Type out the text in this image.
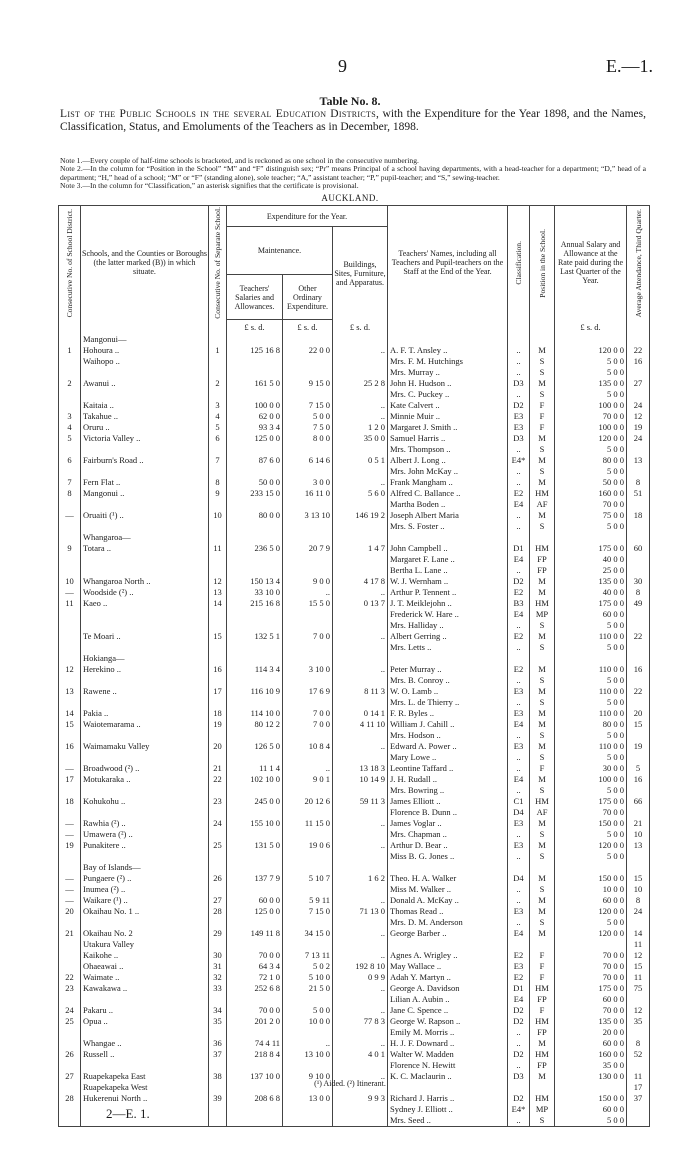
9	E.—1.
Table No. 8.
List of the Public Schools in the several Education Districts, with the Expenditure for the Year 1898, and the Names, Classification, Status, and Emoluments of the Teachers as in December, 1898.

Note 1.—Every couple of half-time schools is bracketed, and is reckoned as one school in the consecutive numbering.

Note 2.—In the column for “Position in the School” “M” and “F” distinguish sex; “Pr” means Principal of a school having departments, with a head-teacher for a department; “D,” head of a department; “H,” head of a school; “M” or “F” (standing alone), sole teacher; “A,” assistant teacher; “P,” pupil-teacher; and “S,” sewing-teacher.

Note 3.—In the column for “Classification,” an asterisk signifies that the certificate is provisional.

AUCKLAND.
Consecutive No. of School District.	Schools, and the Counties or Boroughs (the latter marked (B)) in which situate.	Consecutive No. of Separate School.	Expenditure for the Year.			Teachers' Names, including all Teachers and Pupil-teachers on the Staff at the End of the Year.	Classification.	Position in the School.	Annual Salary and Allowance at the Rate paid during the Last Quarter of the Year.	Average Attendance, Third Quarter.

			Maintenance.		Buildings, Sites, Furniture, and Apparatus.					
			Teachers' Salaries and Allowances.	Other Ordinary Expenditure.						
			£ s. d.	£ s. d.	£ s. d.				£ s. d.	
	Mangonui—									
1	Hohoura ..	1	125 16 8	22 0 0	..	A. F. T. Ansley ..	..	M	120 0 0	22
	Waihopo ..					Mrs. F. M. Hutchings	..	S	5 0 0	16
						Mrs. Murray ..	..	S	5 0 0	
2	Awanui ..	2	161 5 0	9 15 0	25 2 8	John H. Hudson ..	D3	M	135 0 0	27
						Mrs. C. Puckey ..	..	S	5 0 0	
	Kaitaia ..	3	100 0 0	7 15 0	..	Kate Calvert ..	D2	F	100 0 0	24
3	Takahue ..	4	62 0 0	5 0 0	..	Minnie Muir ..	E3	F	70 0 0	12
4	Oruru ..	5	93 3 4	7 5 0	1 2 0	Margaret J. Smith ..	E3	F	100 0 0	19
5	Victoria Valley ..	6	125 0 0	8 0 0	35 0 0	Samuel Harris ..	D3	M	120 0 0	24
						Mrs. Thompson ..	..	S	5 0 0	
6	Fairburn's Road ..	7	87 6 0	6 14 6	0 5 1	Albert J. Long ..	E4*	M	80 0 0	13
						Mrs. John McKay ..	..	S	5 0 0	
7	Fern Flat ..	8	50 0 0	3 0 0	..	Frank Mangham ..	..	M	50 0 0	8
8	Mangonui ..	9	233 15 0	16 11 0	5 6 0	Alfred C. Ballance ..	E2	HM	160 0 0	51
						Martha Boden ..	E4	AF	70 0 0	
—	Oruaiti (¹) ..	10	80 0 0	3 13 10	146 19 2	Joseph Albert Maria	..	M	75 0 0	18
						Mrs. S. Foster ..	..	S	5 0 0	
	Whangaroa—									
9	Totara ..	11	236 5 0	20 7 9	1 4 7	John Campbell ..	D1	HM	175 0 0	60
						Margaret F. Lane ..	E4	FP	40 0 0	
						Bertha L. Lane ..	..	FP	25 0 0	
10	Whangaroa North ..	12	150 13 4	9 0 0	4 17 8	W. J. Wernham ..	D2	M	135 0 0	30
—	Woodside (²) ..	13	33 10 0	..	..	Arthur P. Tennent ..	E2	M	40 0 0	8
11	Kaeo ..	14	215 16 8	15 5 0	0 13 7	J. T. Meiklejohn ..	B3	HM	175 0 0	49
						Frederick W. Hare ..	E4	MP	60 0 0	
						Mrs. Halliday ..	..	S	5 0 0	
	Te Moari ..	15	132 5 1	7 0 0	..	Albert Gerring ..	E2	M	110 0 0	22
						Mrs. Letts ..	..	S	5 0 0	
	Hokianga—									
12	Herekino ..	16	114 3 4	3 10 0	..	Peter Murray ..	E2	M	110 0 0	16
						Mrs. B. Conroy ..	..	S	5 0 0	
13	Rawene ..	17	116 10 9	17 6 9	8 11 3	W. O. Lamb ..	E3	M	110 0 0	22
						Mrs. L. de Thierry ..	..	S	5 0 0	
14	Pakia ..	18	114 10 0	7 0 0	0 14 1	F. R. Byles ..	E3	M	110 0 0	20
15	Waiotemarama ..	19	80 12 2	7 0 0	4 11 10	William J. Cahill ..	E4	M	80 0 0	15
						Mrs. Hodson ..	..	S	5 0 0	
16	Waimamaku Valley	20	126 5 0	10 8 4	..	Edward A. Power ..	E3	M	110 0 0	19
						Mary Lowe ..	..	S	5 0 0	
—	Broadwood (²) ..	21	11 1 4	..	13 18 3	Leontine Taffard ..	..	F	30 0 0	5
17	Motukaraka ..	22	102 10 0	9 0 1	10 14 9	J. H. Rudall ..	E4	M	100 0 0	16
						Mrs. Bowring ..	..	S	5 0 0	
18	Kohukohu ..	23	245 0 0	20 12 6	59 11 3	James Elliott ..	C1	HM	175 0 0	66
						Florence B. Dunn ..	D4	AF	70 0 0	
—	Rawhia (²) ..	24	155 10 0	11 15 0	..	James Voglar ..	E3	M	150 0 0	21
—	Umawera (²) ..					Mrs. Chapman ..	..	S	5 0 0	10
19	Punakitere ..	25	131 5 0	19 0 6	..	Arthur D. Bear ..	E3	M	120 0 0	13
						Miss B. G. Jones ..	..	S	5 0 0	
	Bay of Islands—									
—	Pungaere (²) ..	26	137 7 9	5 10 7	1 6 2	Theo. H. A. Walker	D4	M	150 0 0	15
—	Inumea (²) ..					Miss M. Walker ..	..	S	10 0 0	10
—	Waikare (¹) ..	27	60 0 0	5 9 11	..	Donald A. McKay ..	..	M	60 0 0	8
20	Okaihau No. 1 ..	28	125 0 0	7 15 0	71 13 0	Thomas Read ..	E3	M	120 0 0	24
						Mrs. D. M. Anderson	..	S	5 0 0	
21	Okaihau No. 2	29	149 11 8	34 15 0	..	George Barber ..	E4	M	120 0 0	14
	Utakura Valley									11
	Kaikohe ..	30	70 0 0	7 13 11	..	Agnes A. Wrigley ..	E2	F	70 0 0	12
	Ohaeawai ..	31	64 3 4	5 0 2	192 8 10	May Wallace ..	E3	F	70 0 0	15
22	Waimate ..	32	72 1 0	5 10 0	0 9 9	Adah Y. Martyn ..	E2	F	70 0 0	11
23	Kawakawa ..	33	252 6 8	21 5 0	..	George A. Davidson	D1	HM	175 0 0	75
						Lilian A. Aubin ..	E4	FP	60 0 0	
24	Pakaru ..	34	70 0 0	5 0 0	..	Jane C. Spence ..	D2	F	70 0 0	12
25	Opua ..	35	201 2 0	10 0 0	77 8 3	George W. Rapson ..	D2	HM	135 0 0	35
						Emily M. Morris ..	..	FP	20 0 0	
	Whangae ..	36	74 4 11	..	..	H. J. F. Downard ..	..	M	60 0 0	8
26	Russell ..	37	218 8 4	13 10 0	4 0 1	Walter W. Madden	D2	HM	160 0 0	52
						Florence N. Hewitt	..	FP	35 0 0	
27	Ruapekapeka East	38	137 10 0	9 10 0	..	K. C. Maclaurin ..	D3	M	130 0 0	11
	Ruapekapeka West									17
28	Hukerenui North ..	39	208 6 8	13 0 0	9 9 3	Richard J. Harris ..	D2	HM	150 0 0	37
						Sydney J. Elliott ..	E4*	MP	60 0 0	
						Mrs. Seed ..	..	S	5 0 0	
(¹) Aided. (²) Itinerant.
2—E. 1.
